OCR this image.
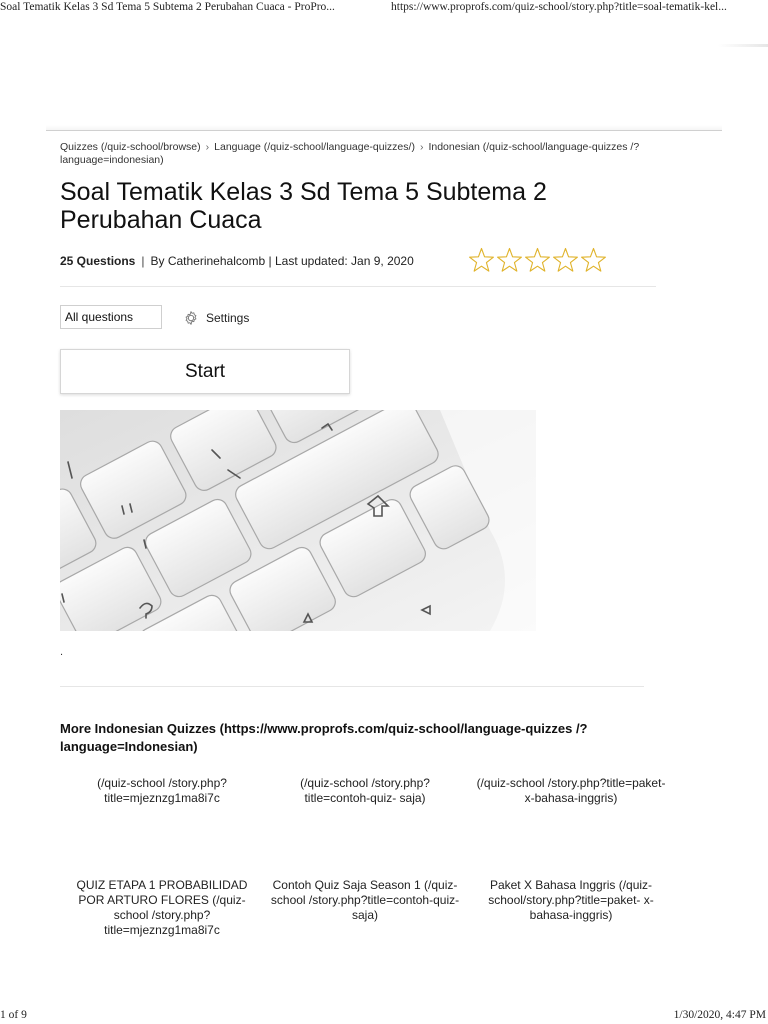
Soal Tematik Kelas 3 Sd Tema 5 Subtema 2 Perubahan Cuaca - ProPro...	https://www.proprofs.com/quiz-school/story.php?title=soal-tematik-kel...
Quizzes (/quiz-school/browse) › Language (/quiz-school/language-quizzes/) › Indonesian (/quiz-school/language-quizzes /?language=indonesian)
Soal Tematik Kelas 3 Sd Tema 5 Subtema 2 Perubahan Cuaca
25 Questions | By Catherinehalcomb | Last updated: Jan 9, 2020
All questions	Settings
Start
.
More Indonesian Quizzes (https://www.proprofs.com/quiz-school/language-quizzes /?language=Indonesian)
(/quiz-school /story.php?title=mjeznzg1ma8i7c
(/quiz-school /story.php?title=contoh-quiz- saja)
(/quiz-school /story.php?title=paket- x-bahasa-inggris)
QUIZ ETAPA 1 PROBABILIDAD POR ARTURO FLORES (/quiz- school /story.php?title=mjeznzg1ma8i7c
Contoh Quiz Saja Season 1 (/quiz-school /story.php?title=contoh-quiz- saja)
Paket X Bahasa Inggris (/quiz- school/story.php?title=paket- x-bahasa-inggris)
1 of 9	1/30/2020, 4:47 PM
